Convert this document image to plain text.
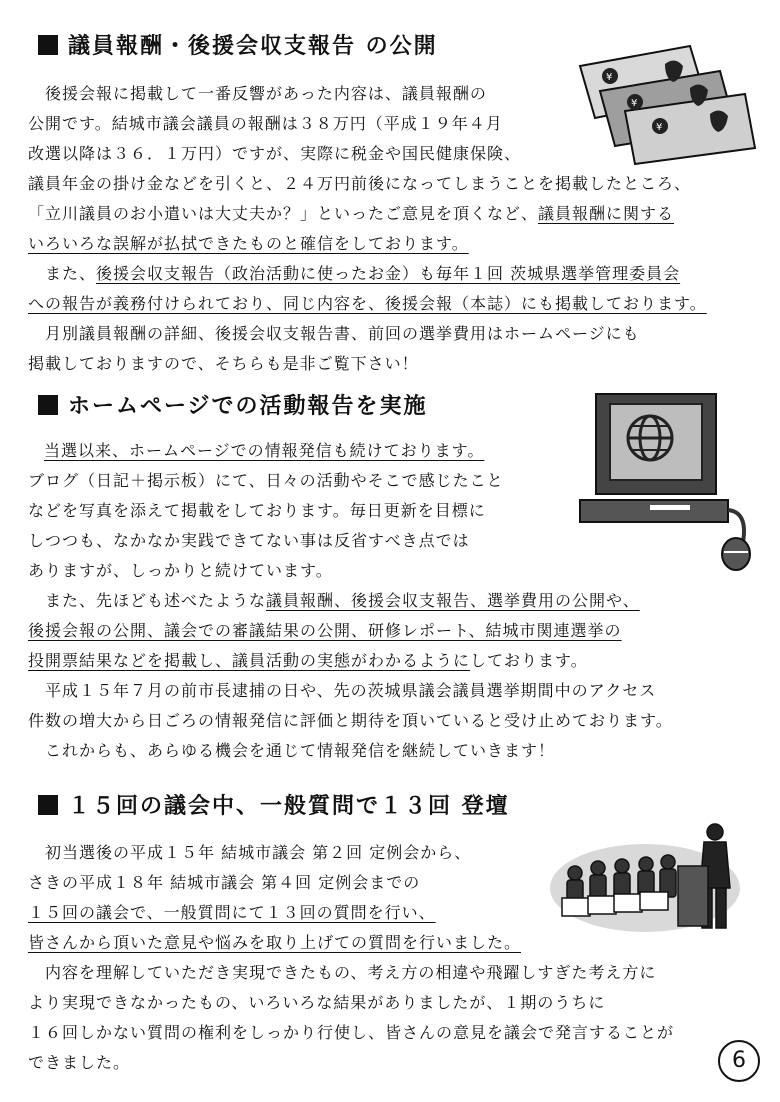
議員報酬・後援会収支報告 の公開
¥
¥
¥
　後援会報に掲載して一番反響があった内容は、議員報酬の
公開です。結城市議会議員の報酬は３８万円（平成１９年４月
改選以降は３６．１万円）ですが、実際に税金や国民健康保険、
議員年金の掛け金などを引くと、２４万円前後になってしまうことを掲載したところ、
「立川議員のお小遣いは大丈夫か？」といったご意見を頂くなど、議員報酬に関する
いろいろな誤解が払拭できたものと確信をしております。
　また、後援会収支報告（政治活動に使ったお金）も毎年１回 茨城県選挙管理委員会
への報告が義務付けられており、同じ内容を、後援会報（本誌）にも掲載しております。
　月別議員報酬の詳細、後援会収支報告書、前回の選挙費用はホームページにも
掲載しておりますので、そちらも是非ご覧下さい！
ホームページでの活動報告を実施
当選以来、ホームページでの情報発信も続けております。
ブログ（日記＋掲示板）にて、日々の活動やそこで感じたこと
などを写真を添えて掲載をしております。毎日更新を目標に
しつつも、なかなか実践できてない事は反省すべき点では
ありますが、しっかりと続けています。
　また、先ほども述べたような議員報酬、後援会収支報告、選挙費用の公開や、
後援会報の公開、議会での審議結果の公開、研修レポート、結城市関連選挙の
投開票結果などを掲載し、議員活動の実態がわかるようにしております。
　平成１５年７月の前市長逮捕の日や、先の茨城県議会議員選挙期間中のアクセス
件数の増大から日ごろの情報発信に評価と期待を頂いていると受け止めております。
　これからも、あらゆる機会を通じて情報発信を継続していきます！
１５回の議会中、一般質問で１３回 登壇
　初当選後の平成１５年 結城市議会 第２回 定例会から、
さきの平成１８年 結城市議会 第４回 定例会までの
１５回の議会で、一般質問にて１３回の質問を行い、
皆さんから頂いた意見や悩みを取り上げての質問を行いました。
　内容を理解していただき実現できたもの、考え方の相違や飛躍しすぎた考え方に
より実現できなかったもの、いろいろな結果がありましたが、１期のうちに
１６回しかない質問の権利をしっかり行使し、皆さんの意見を議会で発言することが
できました。	6
